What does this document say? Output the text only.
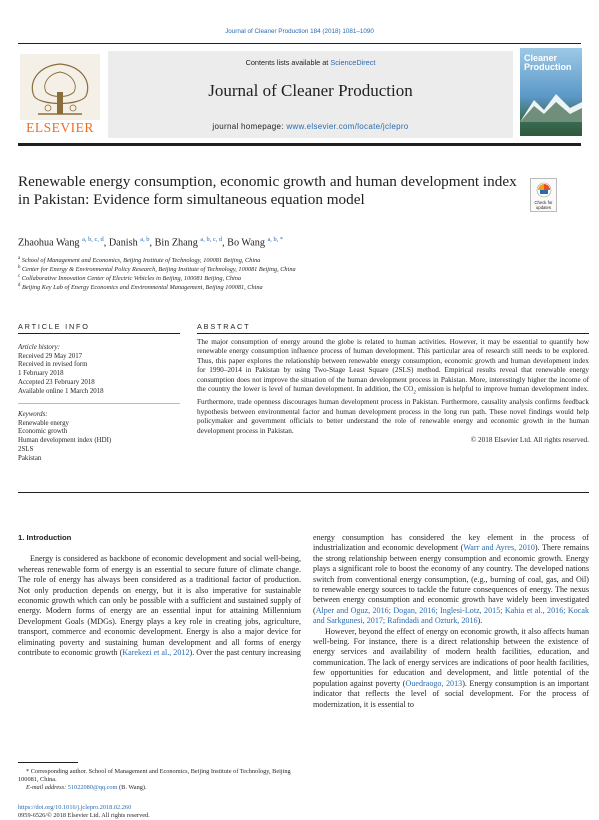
Journal of Cleaner Production 184 (2018) 1081–1090
ELSEVIER
Contents lists available at ScienceDirect
Journal of Cleaner Production
journal homepage: www.elsevier.com/locate/jclepro
Cleaner Production
Renewable energy consumption, economic growth and human development index in Pakistan: Evidence form simultaneous equation model	Check for updates
Zhaohua Wang $^{a, b, c, d}$, Danish $^{a, b}$, Bin Zhang $^{a, b, c, d}$, Bo Wang $^{a, b, *}$
$^a$ School of Management and Economics, Beijing Institute of Technology, 100081 Beijing, China
$^b$ Center for Energy & Environmental Policy Research, Beijing Institute of Technology, 100081 Beijing, China
$^c$ Collaborative Innovation Center of Electric Vehicles in Beijing, 100081 Beijing, China
$^d$ Beijing Key Lab of Energy Economics and Environmental Management, Beijing 100081, China
ARTICLE INFO	ABSTRACT
Article history:
Received 29 May 2017
Received in revised form
1 February 2018
Accepted 23 February 2018
Available online 1 March 2018
Keywords:
Renewable energy
Economic growth
Human development index (HDI)
2SLS
Pakistan
The major consumption of energy around the globe is related to human activities. However, it may be essential to quantify how renewable energy consumption influence process of human development. This particular area of research still needs to be explored. Thus, this paper explores the relationship between renewable energy consumption, economic growth and human development index for 1990–2014 in Pakistan by using Two-Stage Least Square (2SLS) method. Empirical results reveal that renewable energy consumption does not improve the situation of the human development process in Pakistan. More, interestingly higher the income of the country the lower is level of human development. In addition, the $CO_2$ emission is helpful to improve human development index. Furthermore, trade openness discourages human development process in Pakistan. Furthermore, causality analysis confirms feedback hypothesis between environmental factor and human development process in the long run path. These novel findings would help policymaker and government officials to better understand the role of renewable energy and economic growth in the human development process in Pakistan.
© 2018 Elsevier Ltd. All rights reserved.
1. Introduction

Energy is considered as backbone of economic development and social well-being, whereas renewable form of energy is an essential to secure future of climate change. The role of energy has always been considered as a traditional factor of production. Not only production depends on energy, but it is also imperative for sustainable economic growth which can only be possible with a sufficient and sustained supply of energy. Modern forms of energy are an essential input for attaining Millennium Development Goals (MDGs). Energy plays a key role in creating jobs, agriculture, transport, commerce and economic development. Energy is also a major device for eliminating poverty and sustaining human development and all forms of energy contribute to economic growth (Karekezi et al., 2012). Over the past century increasing

energy consumption has considered the key element in the process of industrialization and economic development (Warr and Ayres, 2010). There remains the strong relationship between energy consumption and economic growth. Energy plays a significant role to boost the economy of any country. The developed nations switch from conventional energy consumption, (e.g., burning of coal, gas, and Oil) to renewable energy sources to tackle the future consequences of energy. The nexus between energy consumption and economic growth have widely been investigated (Alper and Oguz, 2016; Dogan, 2016; Inglesi-Lotz, 2015; Kahia et al., 2016; Kocak and Sarkgunesi, 2017; Rafindadi and Ozturk, 2016).

However, beyond the effect of energy on economic growth, it also affects human well-being. For instance, there is a direct relationship between the existence of energy services and availability of modern health facilities, education, and communication. The lack of energy services are indications of poor health facilities, few opportunities for education and development, and little potential of the population against poverty (Ouedraogo, 2013). Energy consumption is an important indicator that reflects the level of social development. For the process of modernization, it is essential to

* Corresponding author. School of Management and Economics, Beijing Institute of Technology, Beijing 100081, China.
E-mail address: 51022080@qq.com (B. Wang).
https://doi.org/10.1016/j.jclepro.2018.02.260
0959-6526/© 2018 Elsevier Ltd. All rights reserved.
